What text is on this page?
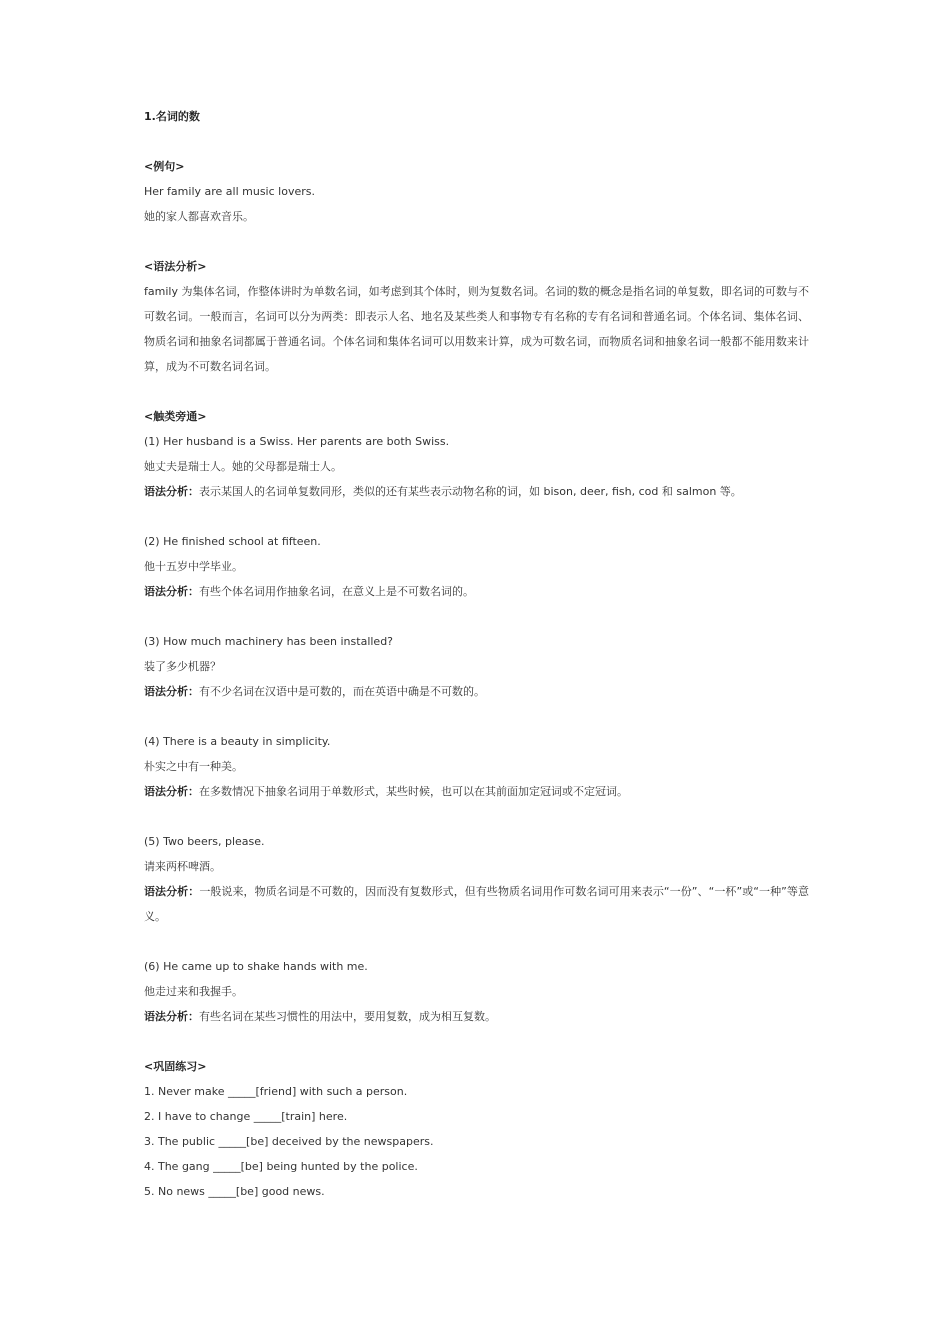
1.名词的数
<例句>
Her family are all music lovers.
她的家人都喜欢音乐。
<语法分析>
family 为集体名词，作整体讲时为单数名词，如考虑到其个体时，则为复数名词。名词的数的概念是指名词的单复数，即名词的可数与不可数名词。一般而言，名词可以分为两类：即表示人名、地名及某些类人和事物专有名称的专有名词和普通名词。个体名词、集体名词、物质名词和抽象名词都属于普通名词。个体名词和集体名词可以用数来计算，成为可数名词，而物质名词和抽象名词一般都不能用数来计算，成为不可数名词名词。
<触类旁通>
(1) Her husband is a Swiss. Her parents are both Swiss.
她丈夫是瑞士人。她的父母都是瑞士人。
语法分析：表示某国人的名词单复数同形，类似的还有某些表示动物名称的词，如 bison, deer, fish, cod 和 salmon 等。
(2) He finished school at fifteen.
他十五岁中学毕业。
语法分析：有些个体名词用作抽象名词，在意义上是不可数名词的。
(3) How much machinery has been installed?
装了多少机器？
语法分析：有不少名词在汉语中是可数的，而在英语中确是不可数的。
(4) There is a beauty in simplicity.
朴实之中有一种美。
语法分析：在多数情况下抽象名词用于单数形式，某些时候，也可以在其前面加定冠词或不定冠词。
(5) Two beers, please.
请来两杯啤酒。
语法分析：一般说来，物质名词是不可数的，因而没有复数形式，但有些物质名词用作可数名词可用来表示“一份”、“一杯”或“一种”等意义。
(6) He came up to shake hands with me.
他走过来和我握手。
语法分析：有些名词在某些习惯性的用法中，要用复数，成为相互复数。
<巩固练习>
1. Never make _____[friend] with such a person.
2. I have to change _____[train] here.
3. The public _____[be] deceived by the newspapers.
4. The gang _____[be] being hunted by the police.
5. No news _____[be] good news.
